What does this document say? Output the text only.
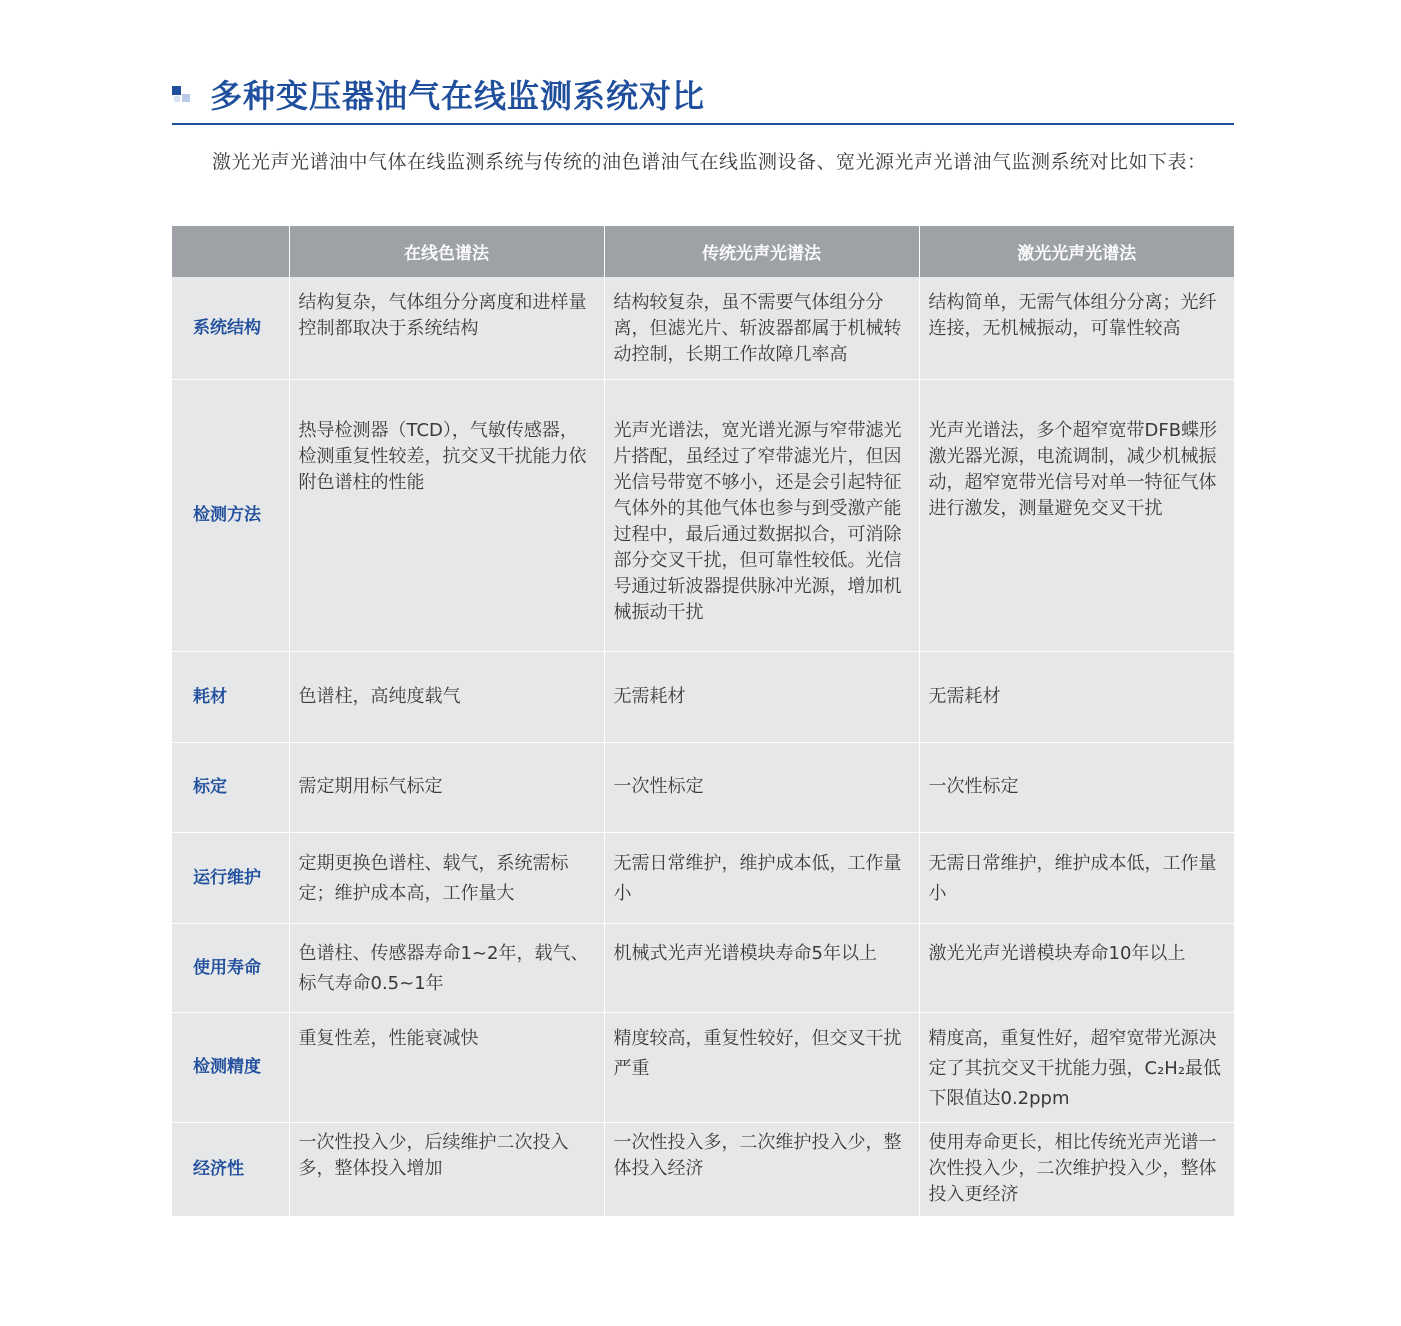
多种变压器油气在线监测系统对比

激光光声光谱油中气体在线监测系统与传统的油色谱油气在线监测设备、宽光源光声光谱油气监测系统对比如下表：

	在线色谱法	传统光声光谱法	激光光声光谱法
系统结构	结构复杂，气体组分分离度和进样量控制都取决于系统结构	结构较复杂，虽不需要气体组分分离，但滤光片、斩波器都属于机械转动控制，长期工作故障几率高	结构简单，无需气体组分分离；光纤连接，无机械振动，可靠性较高
检测方法	热导检测器（TCD），气敏传感器，检测重复性较差，抗交叉干扰能力依附色谱柱的性能	光声光谱法，宽光谱光源与窄带滤光片搭配，虽经过了窄带滤光片，但因光信号带宽不够小，还是会引起特征气体外的其他气体也参与到受激产能过程中，最后通过数据拟合，可消除部分交叉干扰，但可靠性较低。光信号通过斩波器提供脉冲光源，增加机械振动干扰	光声光谱法，多个超窄宽带DFB蝶形激光器光源，电流调制，减少机械振动，超窄宽带光信号对单一特征气体进行激发，测量避免交叉干扰
耗材	色谱柱，高纯度载气	无需耗材	无需耗材
标定	需定期用标气标定	一次性标定	一次性标定
运行维护	定期更换色谱柱、载气，系统需标定；维护成本高，工作量大	无需日常维护，维护成本低，工作量小	无需日常维护，维护成本低，工作量小
使用寿命	色谱柱、传感器寿命1~2年，载气、标气寿命0.5~1年	机械式光声光谱模块寿命5年以上	激光光声光谱模块寿命10年以上
检测精度	重复性差，性能衰减快	精度较高，重复性较好，但交叉干扰严重	精度高，重复性好，超窄宽带光源决定了其抗交叉干扰能力强，C₂H₂最低下限值达0.2ppm
经济性	一次性投入少，后续维护二次投入多，整体投入增加	一次性投入多，二次维护投入少，整体投入经济	使用寿命更长，相比传统光声光谱一次性投入少，二次维护投入少，整体投入更经济
